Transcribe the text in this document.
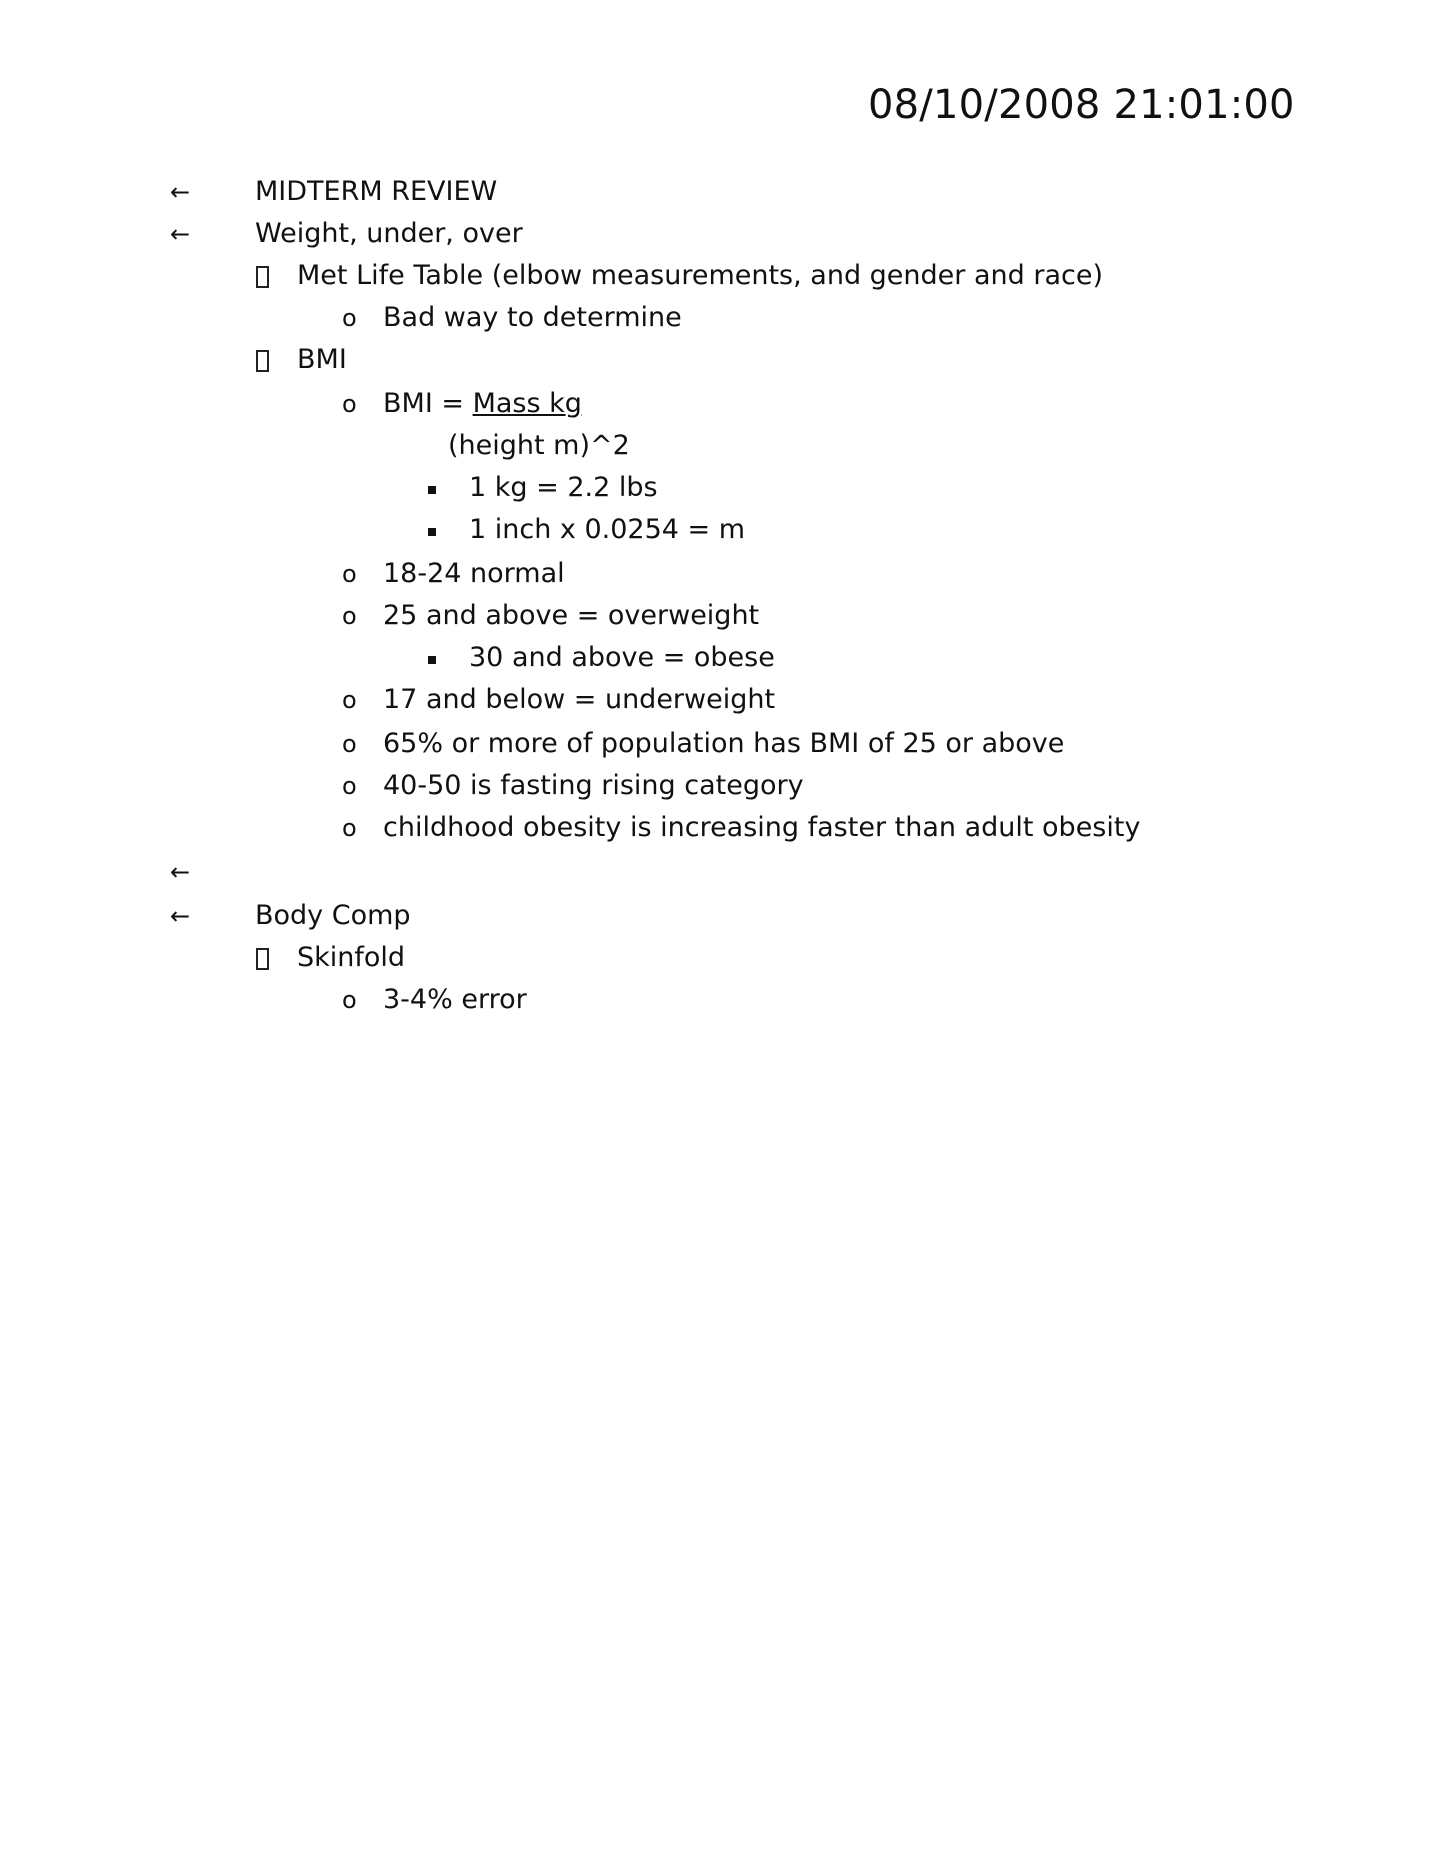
08/10/2008 21:01:00
← MIDTERM REVIEW
← Weight, under, over
Met Life Table (elbow measurements, and gender and race)
o Bad way to determine
BMI
o BMI = Mass kg
(height m)^2
1 kg = 2.2 lbs
1 inch x 0.0254 = m
o 18-24 normal
o 25 and above = overweight
30 and above = obese
o 17 and below = underweight
o 65% or more of population has BMI of 25 or above
o 40-50 is fasting rising category
o childhood obesity is increasing faster than adult obesity
←
← Body Comp
Skinfold
o 3-4% error
